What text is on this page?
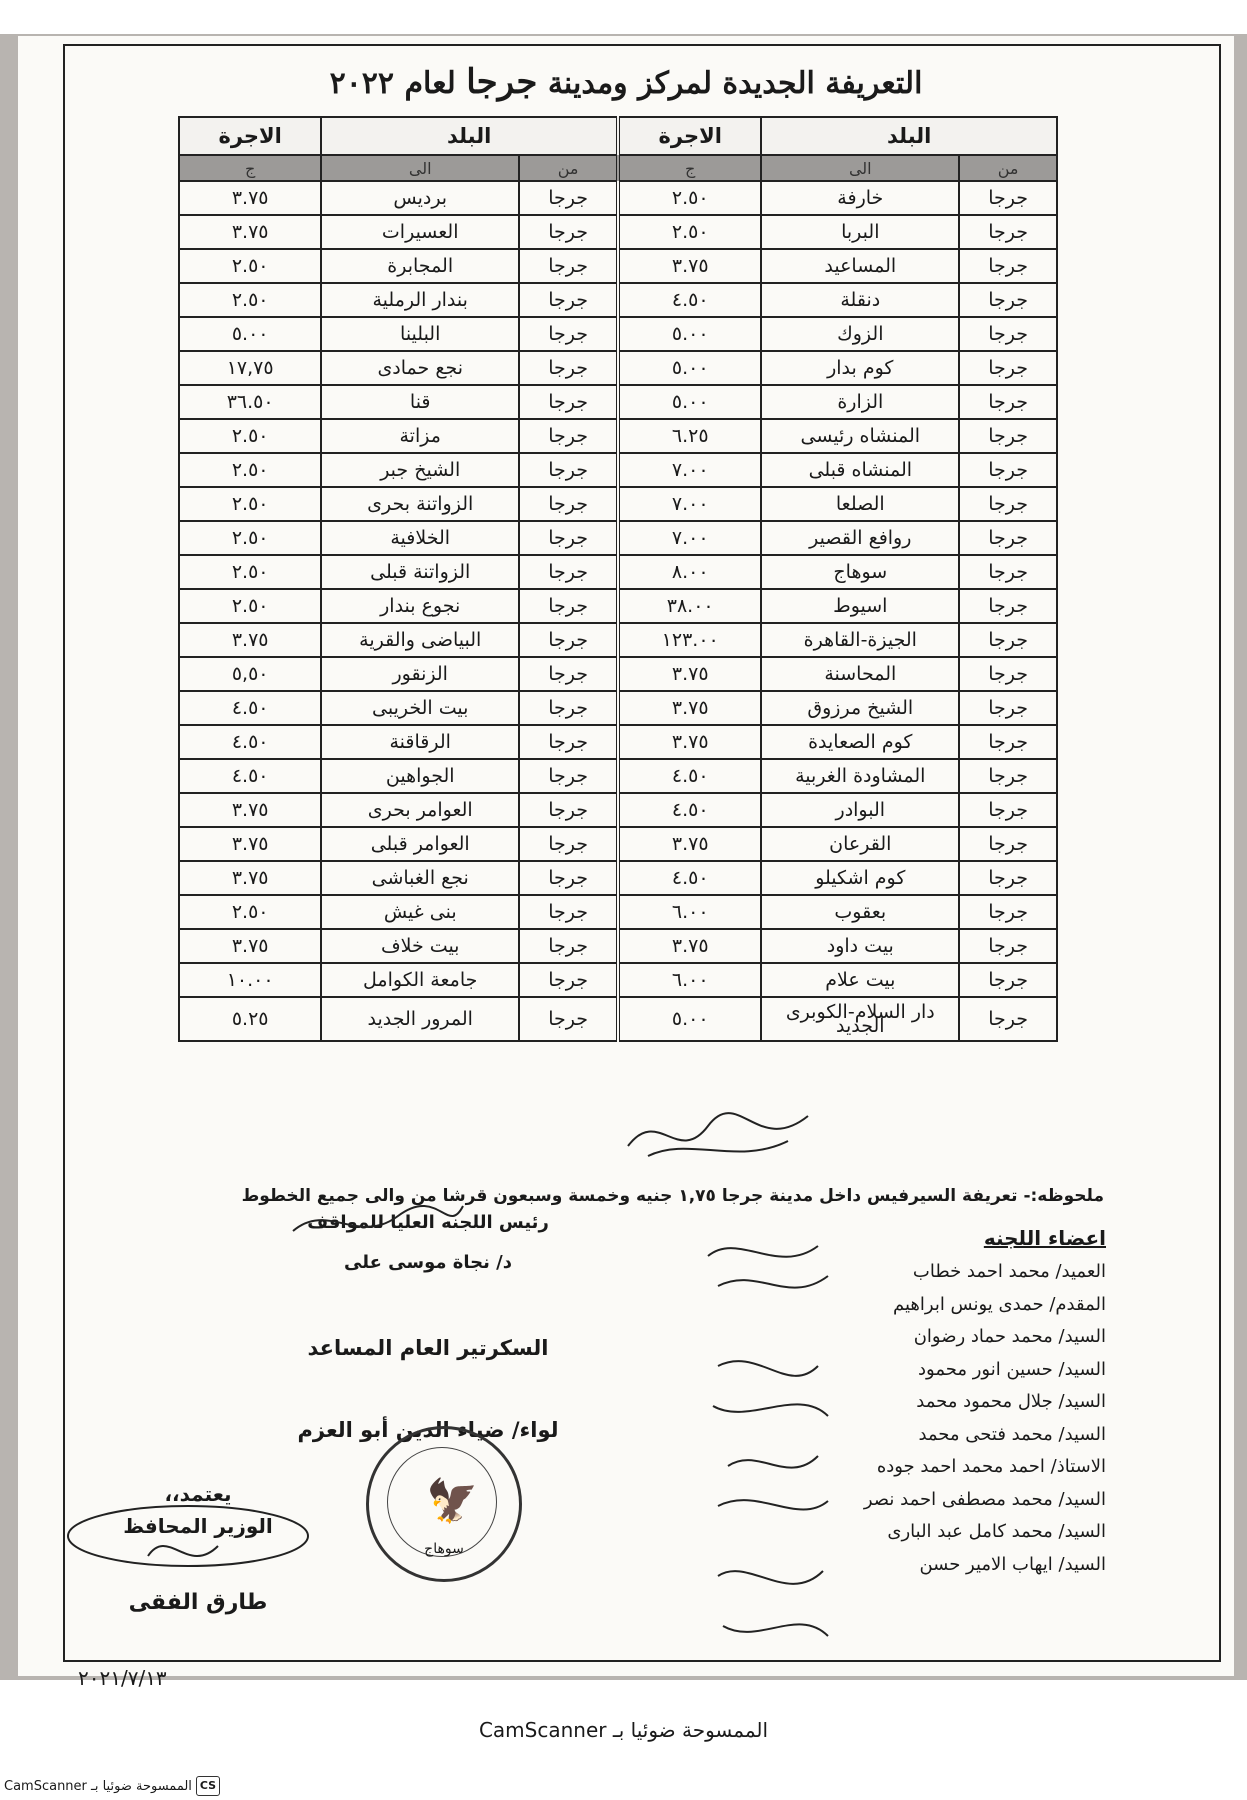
التعريفة الجديدة لمركز ومدينة جرجا لعام ٢٠٢٢
البلد		الاجرة	البلد		الاجرة
من	الى	ج	من	الى	ج
جرجا	خارفة	٢.٥٠	جرجا	برديس	٣.٧٥
جرجا	البربا	٢.٥٠	جرجا	العسيرات	٣.٧٥
جرجا	المساعيد	٣.٧٥	جرجا	المجابرة	٢.٥٠
جرجا	دنقلة	٤.٥٠	جرجا	بندار الرملية	٢.٥٠
جرجا	الزوك	٥.٠٠	جرجا	البلينا	٥.٠٠
جرجا	كوم بدار	٥.٠٠	جرجا	نجع حمادى	١٧,٧٥
جرجا	الزارة	٥.٠٠	جرجا	قنا	٣٦.٥٠
جرجا	المنشاه رئيسى	٦.٢٥	جرجا	مزاتة	٢.٥٠
جرجا	المنشاه قبلى	٧.٠٠	جرجا	الشيخ جبر	٢.٥٠
جرجا	الصلعا	٧.٠٠	جرجا	الزواتنة بحرى	٢.٥٠
جرجا	روافع القصير	٧.٠٠	جرجا	الخلافية	٢.٥٠
جرجا	سوهاج	٨.٠٠	جرجا	الزواتنة قبلى	٢.٥٠
جرجا	اسيوط	٣٨.٠٠	جرجا	نجوع بندار	٢.٥٠
جرجا	الجيزة-القاهرة	١٢٣.٠٠	جرجا	البياضى والقرية	٣.٧٥
جرجا	المحاسنة	٣.٧٥	جرجا	الزنقور	٥,٥٠
جرجا	الشيخ مرزوق	٣.٧٥	جرجا	بيت الخريبى	٤.٥٠
جرجا	كوم الصعايدة	٣.٧٥	جرجا	الرقاقنة	٤.٥٠
جرجا	المشاودة الغربية	٤.٥٠	جرجا	الجواهين	٤.٥٠
جرجا	البوادر	٤.٥٠	جرجا	العوامر بحرى	٣.٧٥
جرجا	القرعان	٣.٧٥	جرجا	العوامر قبلى	٣.٧٥
جرجا	كوم اشكيلو	٤.٥٠	جرجا	نجع الغباشى	٣.٧٥
جرجا	بعقوب	٦.٠٠	جرجا	بنى غيش	٢.٥٠
جرجا	بيت داود	٣.٧٥	جرجا	بيت خلاف	٣.٧٥
جرجا	بيت علام	٦.٠٠	جرجا	جامعة الكوامل	١٠.٠٠
جرجا	دار السلام-الكوبرى الجديد	٥.٠٠	جرجا	المرور الجديد	٥.٢٥
ملحوظه:- تعريفة السيرفيس داخل مدينة جرجا ١,٧٥ جنيه وخمسة وسبعون قرشا من والى جميع الخطوط
اعضاء اللجنه
العميد/ محمد احمد خطاب
المقدم/ حمدى يونس ابراهيم
السيد/ محمد حماد رضوان
السيد/ حسين انور محمود
السيد/ جلال محمود محمد
السيد/ محمد فتحى محمد
الاستاذ/ احمد محمد احمد جوده
السيد/ محمد مصطفى احمد نصر
السيد/ محمد كامل عبد البارى
السيد/ ايهاب الامير حسن
رئيس اللجنه العليا للمواقف
د/ نجاة موسى على
السكرتير العام المساعد
لواء/ ضياء الدين أبو العزم
🦅
سوهاج
يعتمد،،
الوزير المحافظ
طارق الفقى
٢٠٢١/٧/١٣
الممسوحة ضوئيا بـ CamScanner
CS
الممسوحة ضوئيا بـ CamScanner
